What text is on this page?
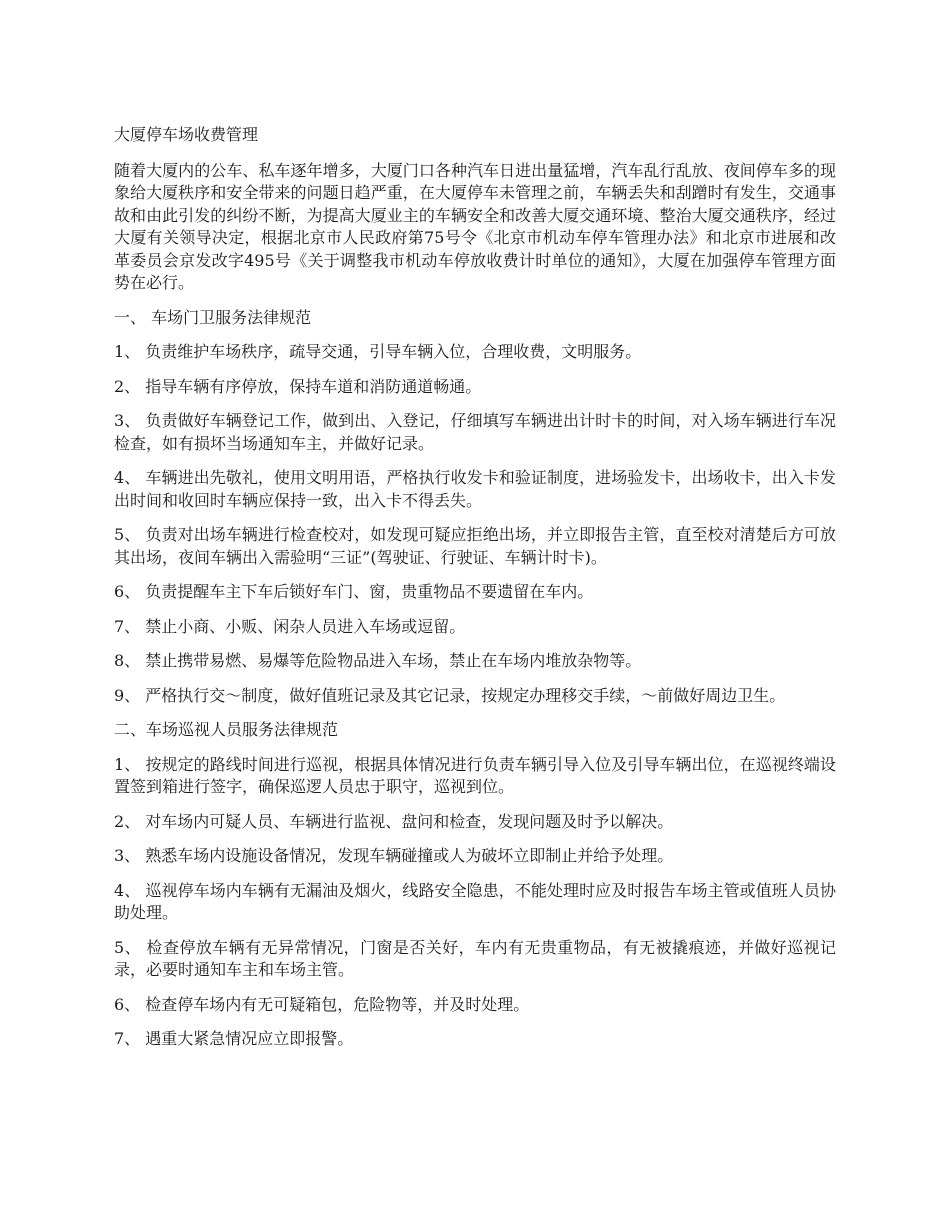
大厦停车场收费管理

随着大厦内的公车、私车逐年增多，大厦门口各种汽车日进出量猛增，汽车乱行乱放、夜间停车多的现象给大厦秩序和安全带来的问题日趋严重，在大厦停车未管理之前，车辆丢失和刮蹭时有发生，交通事故和由此引发的纠纷不断，为提高大厦业主的车辆安全和改善大厦交通环境、整治大厦交通秩序，经过大厦有关领导决定，根据北京市人民政府第75号令《北京市机动车停车管理办法》和北京市进展和改革委员会京发改字495号《关于调整我市机动车停放收费计时单位的通知》，大厦在加强停车管理方面势在必行。

一、 车场门卫服务法律规范

1、 负责维护车场秩序，疏导交通，引导车辆入位，合理收费，文明服务。

2、 指导车辆有序停放，保持车道和消防通道畅通。

3、 负责做好车辆登记工作，做到出、入登记，仔细填写车辆进出计时卡的时间，对入场车辆进行车况检查，如有损坏当场通知车主，并做好记录。

4、 车辆进出先敬礼，使用文明用语，严格执行收发卡和验证制度，进场验发卡，出场收卡，出入卡发出时间和收回时车辆应保持一致，出入卡不得丢失。

5、 负责对出场车辆进行检查校对，如发现可疑应拒绝出场，并立即报告主管，直至校对清楚后方可放其出场，夜间车辆出入需验明“三证”(驾驶证、行驶证、车辆计时卡)。

6、 负责提醒车主下车后锁好车门、窗，贵重物品不要遗留在车内。

7、 禁止小商、小贩、闲杂人员进入车场或逗留。

8、 禁止携带易燃、易爆等危险物品进入车场，禁止在车场内堆放杂物等。

9、 严格执行交～制度，做好值班记录及其它记录，按规定办理移交手续，～前做好周边卫生。

二、车场巡视人员服务法律规范

1、 按规定的路线时间进行巡视，根据具体情况进行负责车辆引导入位及引导车辆出位，在巡视终端设置签到箱进行签字，确保巡逻人员忠于职守，巡视到位。

2、 对车场内可疑人员、车辆进行监视、盘问和检查，发现问题及时予以解决。

3、 熟悉车场内设施设备情况，发现车辆碰撞或人为破坏立即制止并给予处理。

4、 巡视停车场内车辆有无漏油及烟火，线路安全隐患，不能处理时应及时报告车场主管或值班人员协助处理。

5、 检查停放车辆有无异常情况，门窗是否关好，车内有无贵重物品，有无被撬痕迹，并做好巡视记录，必要时通知车主和车场主管。

6、 检查停车场内有无可疑箱包，危险物等，并及时处理。

7、 遇重大紧急情况应立即报警。
